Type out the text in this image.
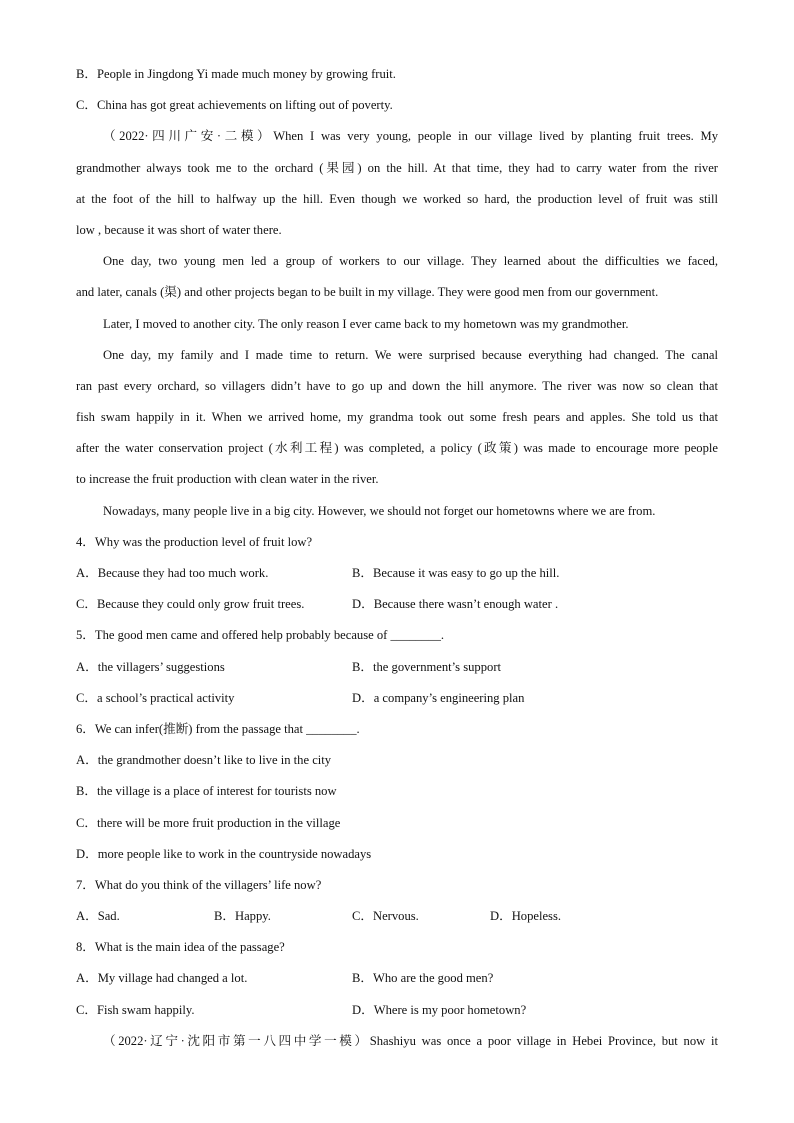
B．People in Jingdong Yi made much money by growing fruit.
C．China has got great achievements on lifting out of poverty.
（2022·四川广安·二模）When I was very young, people in our village lived by planting fruit trees. My
grandmother always took me to the orchard (果园) on the hill. At that time, they had to carry water from the river
at the foot of the hill to halfway up the hill. Even though we worked so hard, the production level of fruit was still
low , because it was short of water there.
One day, two young men led a group of workers to our village. They learned about the difficulties we faced,
and later, canals (渠) and other projects began to be built in my village. They were good men from our government.
Later, I moved to another city. The only reason I ever came back to my hometown was my grandmother.
One day, my family and I made time to return. We were surprised because everything had changed. The canal
ran past every orchard, so villagers didn’t have to go up and down the hill anymore. The river was now so clean that
fish swam happily in it. When we arrived home, my grandma took out some fresh pears and apples. She told us that
after the water conservation project (水利工程) was completed, a policy (政策) was made to encourage more people
to increase the fruit production with clean water in the river.
Nowadays, many people live in a big city. However, we should not forget our hometowns where we are from.
4．Why was the production level of fruit low?
A．Because they had too much work.	B．Because it was easy to go up the hill.
C．Because they could only grow fruit trees.	D．Because there wasn’t enough water .
5．The good men came and offered help probably because of ________.
A．the villagers’ suggestions	B．the government’s support
C．a school’s practical activity	D．a company’s engineering plan
6．We can infer(推断) from the passage that ________.
A．the grandmother doesn’t like to live in the city
B．the village is a place of interest for tourists now
C．there will be more fruit production in the village
D．more people like to work in the countryside nowadays
7．What do you think of the villagers’ life now?
A．Sad.	B．Happy.	C．Nervous.	D．Hopeless.
8．What is the main idea of the passage?
A．My village had changed a lot.	B．Who are the good men?
C．Fish swam happily.	D．Where is my poor hometown?
（2022·辽宁·沈阳市第一八四中学一模）Shashiyu was once a poor village in Hebei Province, but now it
